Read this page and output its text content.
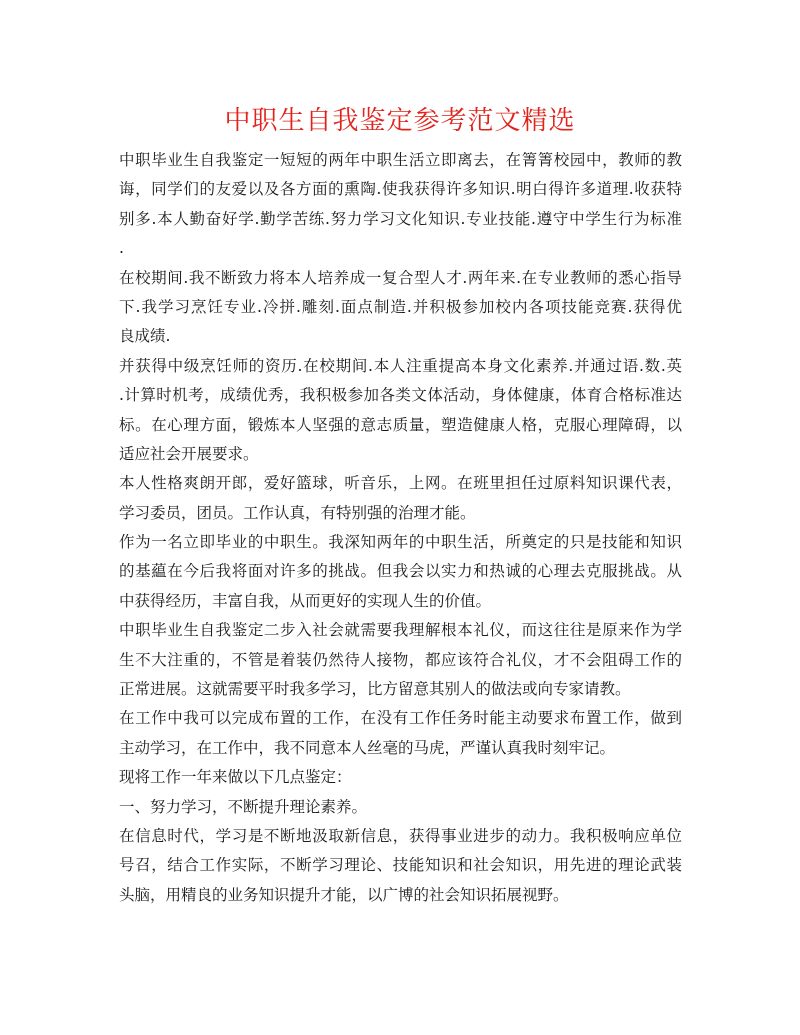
中职生自我鉴定参考范文精选
中职毕业生自我鉴定一短短的两年中职生活立即离去，在箐箐校园中，教师的教
诲，同学们的友爱以及各方面的熏陶.使我获得许多知识.明白得许多道理.收获特
别多.本人勤奋好学.勤学苦练.努力学习文化知识.专业技能.遵守中学生行为标准
.
在校期间.我不断致力将本人培养成一复合型人才.两年来.在专业教师的悉心指导
下.我学习烹饪专业.冷拼.雕刻.面点制造.并积极参加校内各项技能竞赛.获得优
良成绩.
并获得中级烹饪师的资历.在校期间.本人注重提高本身文化素养.并通过语.数.英
.计算时机考，成绩优秀，我积极参加各类文体活动，身体健康，体育合格标准达
标。在心理方面，锻炼本人坚强的意志质量，塑造健康人格，克服心理障碍，以
适应社会开展要求。
本人性格爽朗开郎，爱好篮球，听音乐，上网。在班里担任过原料知识课代表，
学习委员，团员。工作认真，有特别强的治理才能。
作为一名立即毕业的中职生。我深知两年的中职生活，所奠定的只是技能和知识
的基藴在今后我将面对许多的挑战。但我会以实力和热诚的心理去克服挑战。从
中获得经历，丰富自我，从而更好的实现人生的价值。
中职毕业生自我鉴定二步入社会就需要我理解根本礼仪，而这往往是原来作为学
生不大注重的，不管是着装仍然待人接物，都应该符合礼仪，才不会阻碍工作的
正常进展。这就需要平时我多学习，比方留意其别人的做法或向专家请教。
在工作中我可以完成布置的工作，在没有工作任务时能主动要求布置工作，做到
主动学习，在工作中，我不同意本人丝毫的马虎，严谨认真我时刻牢记。
现将工作一年来做以下几点鉴定：
一、努力学习，不断提升理论素养。
在信息时代，学习是不断地汲取新信息，获得事业进步的动力。我积极响应单位
号召，结合工作实际，不断学习理论、技能知识和社会知识，用先进的理论武装
头脑，用精良的业务知识提升才能，以广博的社会知识拓展视野。
